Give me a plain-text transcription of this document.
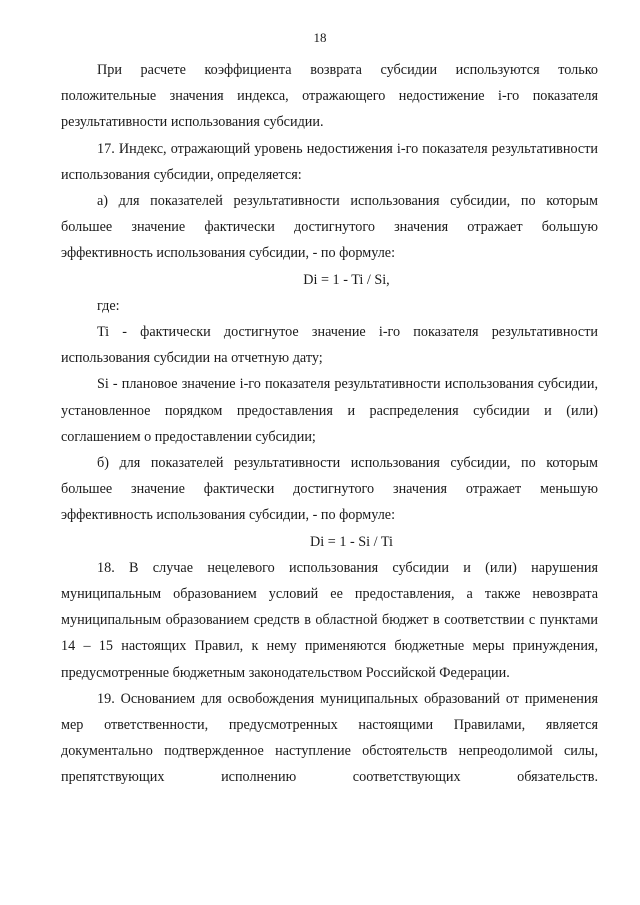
18

При расчете коэффициента возврата субсидии используются только положительные значения индекса, отражающего недостижение i-го показателя результативности использования субсидии.

17. Индекс, отражающий уровень недостижения i-го показателя результативности использования субсидии, определяется:

а) для показателей результативности использования субсидии, по которым большее значение фактически достигнутого значения отражает большую эффективность использования субсидии, - по формуле:

Di = 1 - Ti / Si,

где:

Ti - фактически достигнутое значение i-го показателя результативности использования субсидии на отчетную дату;

Si - плановое значение i-го показателя результативности использования субсидии, установленное порядком предоставления и распределения субсидии и (или) соглашением о предоставлении субсидии;

б) для показателей результативности использования субсидии, по которым большее значение фактически достигнутого значения отражает меньшую эффективность использования субсидии, - по формуле:

Di = 1 - Si / Ti

18. В случае нецелевого использования субсидии и (или) нарушения муниципальным образованием условий ее предоставления, а также невозврата муниципальным образованием средств в областной бюджет в соответствии с пунктами 14 – 15 настоящих Правил, к нему применяются бюджетные меры принуждения, предусмотренные бюджетным законодательством Российской Федерации.

19. Основанием для освобождения муниципальных образований от применения мер ответственности, предусмотренных настоящими Правилами, является документально подтвержденное наступление обстоятельств непреодолимой силы, препятствующих исполнению соответствующих обязательств.
